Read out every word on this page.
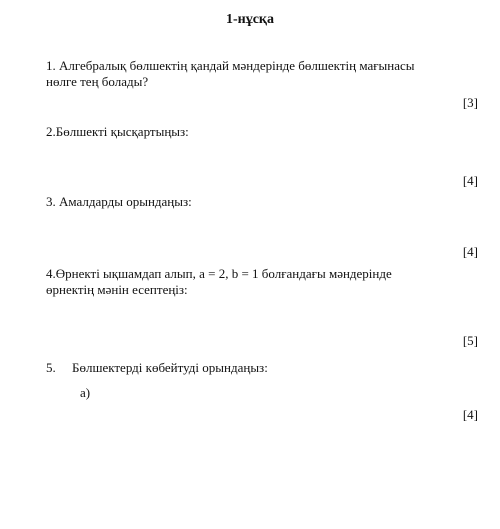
1-нұсқа
1. Алгебралық бөлшектің қандай мәндерінде бөлшектің мағынасы
нөлге тең болады?
[3]
2.Бөлшекті қысқартыңыз:
[4]
3. Амалдарды орындаңыз:
[4]
4.Өрнекті ықшамдап алып, a = 2, b = 1 болғандағы мәндерінде
өрнектің мәнін есептеңіз:
[5]
5. Бөлшектерді көбейтуді орындаңыз:
a)
[4]
